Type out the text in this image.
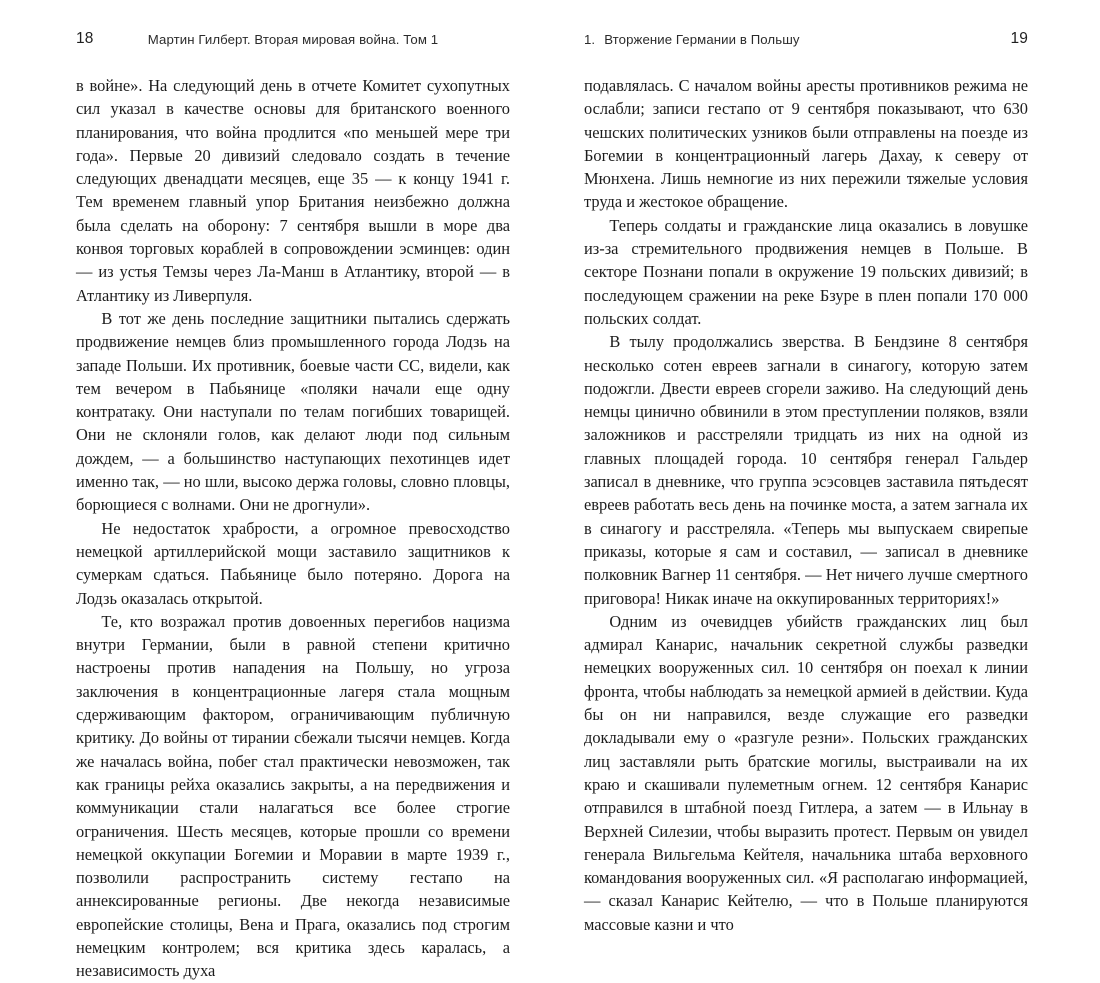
18	Мартин Гилберт. Вторая мировая война. Том 1

в войне». На следующий день в отчете Комитет сухопутных сил указал в качестве основы для британского военного планирования, что война продлится «по меньшей мере три года». Первые 20 дивизий следовало создать в течение следующих двенадцати месяцев, еще 35 — к концу 1941 г. Тем временем главный упор Британия неизбежно должна была сделать на оборону: 7 сентября вышли в море два конвоя торговых кораблей в сопровождении эсминцев: один — из устья Темзы через Ла-Манш в Атлантику, второй — в Атлантику из Ливерпуля.

В тот же день последние защитники пытались сдержать продвижение немцев близ промышленного города Лодзь на западе Польши. Их противник, боевые части СС, видели, как тем вечером в Пабьянице «поляки начали еще одну контратаку. Они наступали по телам погибших товарищей. Они не склоняли голов, как делают люди под сильным дождем, — а большинство наступающих пехотинцев идет именно так, — но шли, высоко держа головы, словно пловцы, борющиеся с волнами. Они не дрогнули».

Не недостаток храбрости, а огромное превосходство немецкой артиллерийской мощи заставило защитников к сумеркам сдаться. Пабьянице было потеряно. Дорога на Лодзь оказалась открытой.

Те, кто возражал против довоенных перегибов нацизма внутри Германии, были в равной степени критично настроены против нападения на Польшу, но угроза заключения в концентрационные лагеря стала мощным сдерживающим фактором, ограничивающим публичную критику. До войны от тирании сбежали тысячи немцев. Когда же началась война, побег стал практически невозможен, так как границы рейха оказались закрыты, а на передвижения и коммуникации стали налагаться все более строгие ограничения. Шесть месяцев, которые прошли со времени немецкой оккупации Богемии и Моравии в марте 1939 г., позволили распространить систему гестапо на аннексированные регионы. Две некогда независимые европейские столицы, Вена и Прага, оказались под строгим немецким контролем; вся критика здесь каралась, а независимость духа

1. Вторжение Германии в Польшу	19

подавлялась. С началом войны аресты противников режима не ослабли; записи гестапо от 9 сентября показывают, что 630 чешских политических узников были отправлены на поезде из Богемии в концентрационный лагерь Дахау, к северу от Мюнхена. Лишь немногие из них пережили тяжелые условия труда и жестокое обращение.

Теперь солдаты и гражданские лица оказались в ловушке из-за стремительного продвижения немцев в Польше. В секторе Познани попали в окружение 19 польских дивизий; в последующем сражении на реке Бзуре в плен попали 170 000 польских солдат.

В тылу продолжались зверства. В Бендзине 8 сентября несколько сотен евреев загнали в синагогу, которую затем подожгли. Двести евреев сгорели заживо. На следующий день немцы цинично обвинили в этом преступлении поляков, взяли заложников и расстреляли тридцать из них на одной из главных площадей города. 10 сентября генерал Гальдер записал в дневнике, что группа эсэсовцев заставила пятьдесят евреев работать весь день на починке моста, а затем загнала их в синагогу и расстреляла. «Теперь мы выпускаем свирепые приказы, которые я сам и составил, — записал в дневнике полковник Вагнер 11 сентября. — Нет ничего лучше смертного приговора! Никак иначе на оккупированных территориях!»

Одним из очевидцев убийств гражданских лиц был адмирал Канарис, начальник секретной службы разведки немецких вооруженных сил. 10 сентября он поехал к линии фронта, чтобы наблюдать за немецкой армией в действии. Куда бы он ни направился, везде служащие его разведки докладывали ему о «разгуле резни». Польских гражданских лиц заставляли рыть братские могилы, выстраивали на их краю и скашивали пулеметным огнем. 12 сентября Канарис отправился в штабной поезд Гитлера, а затем — в Ильнау в Верхней Силезии, чтобы выразить протест. Первым он увидел генерала Вильгельма Кейтеля, начальника штаба верховного командования вооруженных сил. «Я располагаю информацией, — сказал Канарис Кейтелю, — что в Польше планируются массовые казни и что
